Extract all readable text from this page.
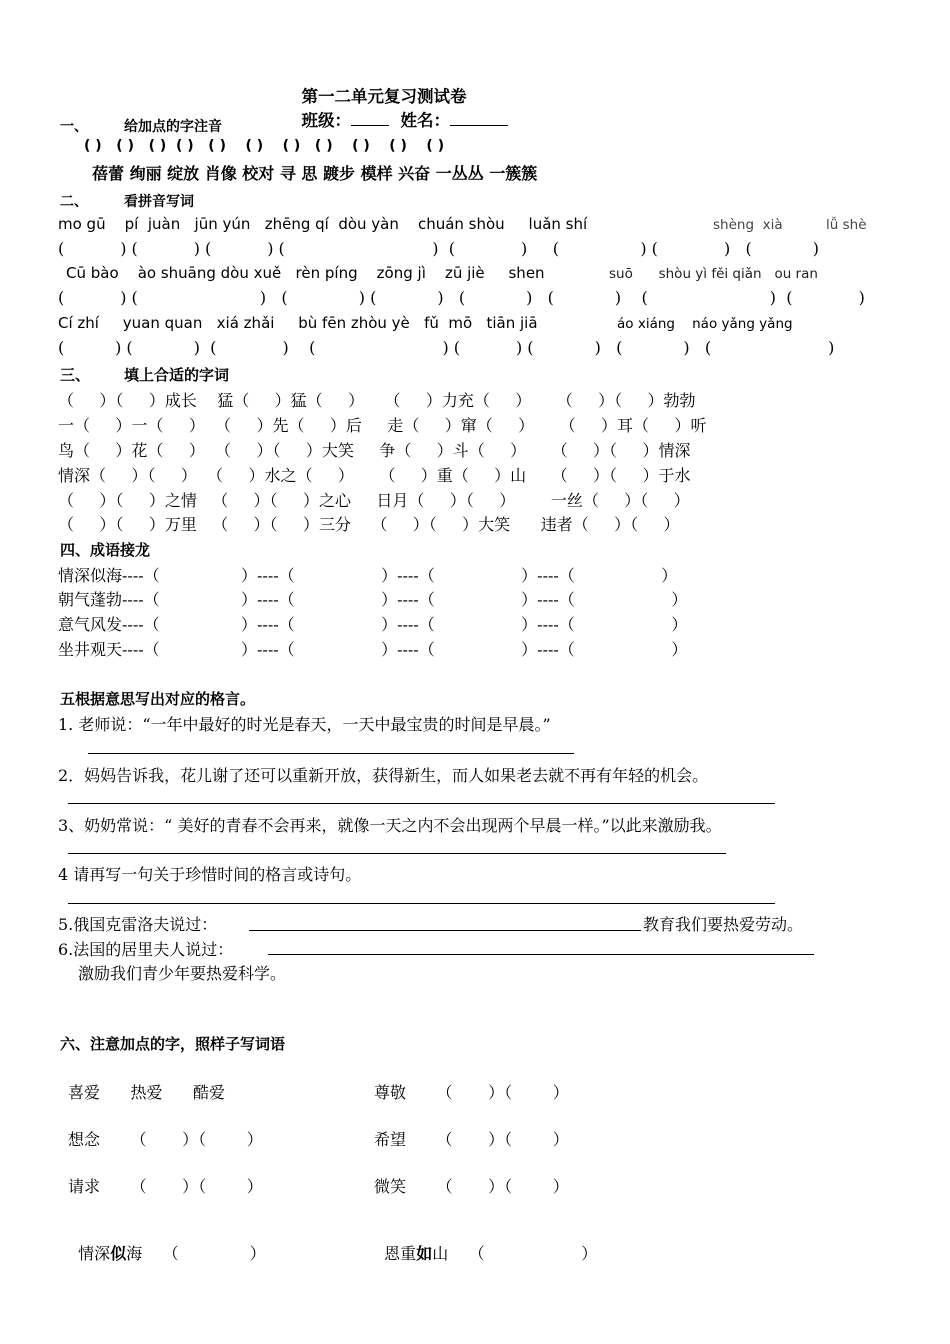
第一二单元复习测试卷
班级：	姓名：

一、	给加点的字注音
( )   ( )   ( )  ( )   ( )    ( )    ( )   ( )    ( )    ( )    ( )
蓓蕾 绚丽 绽放 肖像 校对 寻 思 踱步 模样 兴奋 一丛丛 一簇簇
二、	看拼音写词
mo gū    pí  juàn   jūn yún   zhēng qí  dòu yàn    chuán shòu     luǎn shí	shèng  xià	lǚ shè
(           ) (           ) (           ) (                             )  (             )     (                ) (             )   (            )
Cū bào    ào shuāng dòu xuě   rèn píng    zōng jì    zū jiè     shen	suō      shòu yì fěi qiǎn   ou ran
(           ) (                        )   (              ) (            )   (            )   (            )    (                        )  (             )
Cí zhí     yuan quan   xiá zhǎi     bù fēn zhòu yè   fǔ  mō   tiān jiā	áo xiáng    náo yǎng yǎng
(          ) (            )  (             )    (                         ) (           ) (            )   (            )   (                       )
三、 填上合适的字词
（     ）（     ）成长    猛（     ）猛（     ）    （     ）力充（     ）     （     ）（     ）勃勃
一（     ）一（     ）  （     ）先（     ）后     走（     ）窜（     ）     （     ）耳（     ）听
鸟（     ）花（     ）  （     ）（     ）大笑     争（     ）斗（     ）     （     ）（     ）情深
情深（     ）（     ）  （     ）水之（     ）     （     ）重（     ）山     （     ）（     ）于水
（     ）（     ）之情   （     ）（     ）之心     日月（     ）（     ）       一丝（     ）（     ）
（     ）（     ）万里   （     ）（     ）三分    （     ）（     ）大笑      违者（     ）（     ）
四、成语接龙
情深似海----（                ）----（                 ）----（                 ）----（                 ）
朝气蓬勃----（                ）----（                 ）----（                 ）----（                   ）
意气风发----（                ）----（                 ）----（                 ）----（                   ）
坐井观天----（                ）----（                 ）----（                 ）----（                   ）
五根据意思写出对应的格言。
1. 老师说：“一年中最好的时光是春天，一天中最宝贵的时间是早晨。”
2．妈妈告诉我，花儿谢了还可以重新开放，获得新生，而人如果老去就不再有年轻的机会。
3、奶奶常说：“ 美好的青春不会再来，就像一天之内不会出现两个早晨一样。”以此来激励我。
4 请再写一句关于珍惜时间的格言或诗句。
5.俄国克雷洛夫说过：	教育我们要热爱劳动。
6.法国的居里夫人说过：
激励我们青少年要热爱科学。
六、注意加点的字，照样子写词语
喜爱      热爱      酷爱	尊敬      （       ）（        ）
想念      （       ）（        ）	希望      （       ）（        ）
请求      （       ）（        ）	微笑      （       ）（        ）

情深似海 （              ）	恩重如山 （                   ）
